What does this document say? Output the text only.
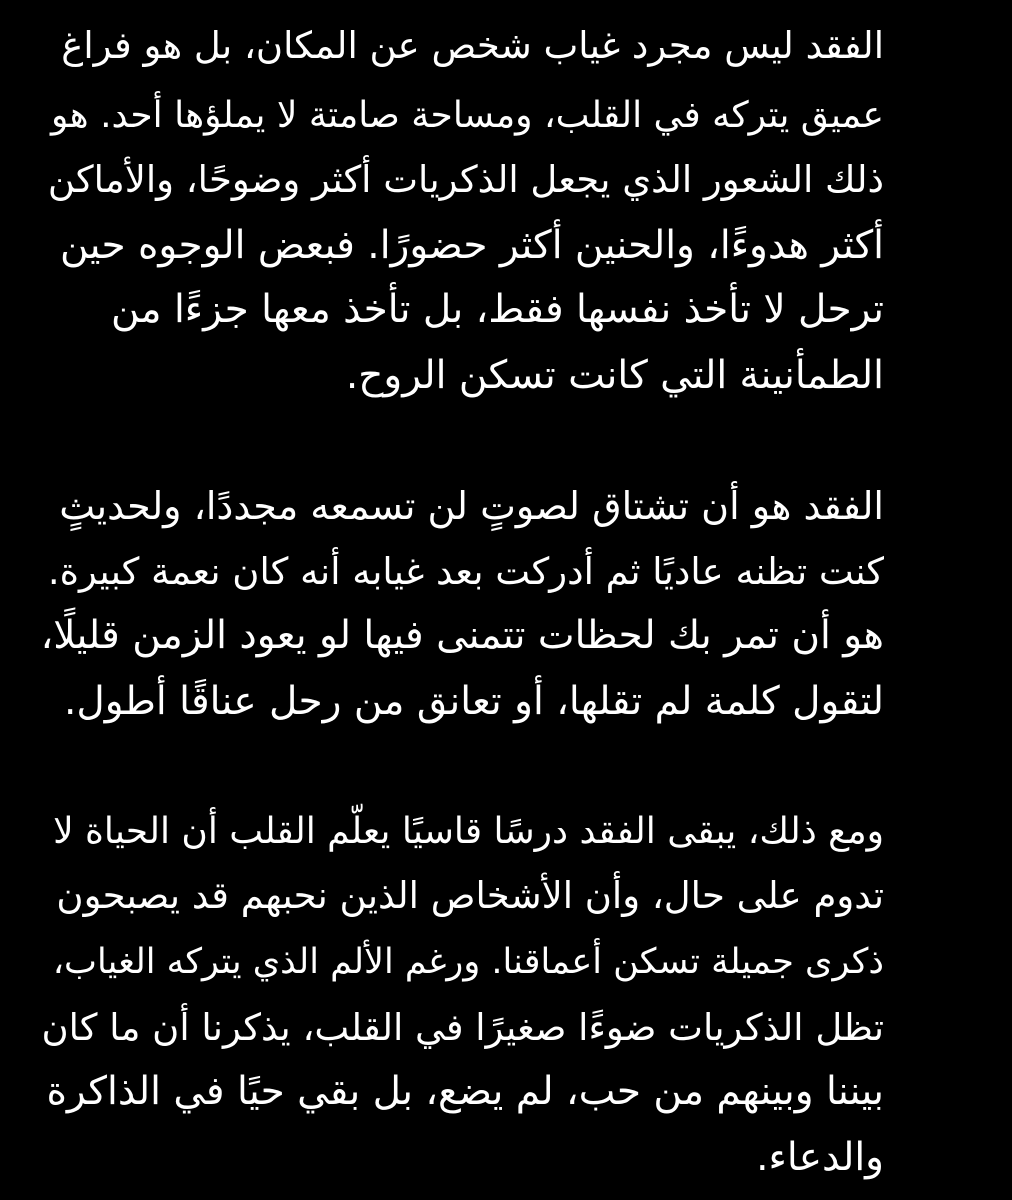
الفقد ليس مجرد غياب شخص عن المكان، بل هو فراغ
عميق يتركه في القلب، ومساحة صامتة لا يملؤها أحد. هو
ذلك الشعور الذي يجعل الذكريات أكثر وضوحًا، والأماكن
أكثر هدوءًا، والحنين أكثر حضورًا. فبعض الوجوه حين
ترحل لا تأخذ نفسها فقط، بل تأخذ معها جزءًا من
الطمأنينة التي كانت تسكن الروح.
الفقد هو أن تشتاق لصوتٍ لن تسمعه مجددًا، ولحديثٍ
كنت تظنه عاديًا ثم أدركت بعد غيابه أنه كان نعمة كبيرة.
هو أن تمر بك لحظات تتمنى فيها لو يعود الزمن قليلًا،
لتقول كلمة لم تقلها، أو تعانق من رحل عناقًا أطول.
ومع ذلك، يبقى الفقد درسًا قاسيًا يعلّم القلب أن الحياة لا
تدوم على حال، وأن الأشخاص الذين نحبهم قد يصبحون
ذكرى جميلة تسكن أعماقنا. ورغم الألم الذي يتركه الغياب،
تظل الذكريات ضوءًا صغيرًا في القلب، يذكرنا أن ما كان
بيننا وبينهم من حب، لم يضع، بل بقي حيًا في الذاكرة
والدعاء.
